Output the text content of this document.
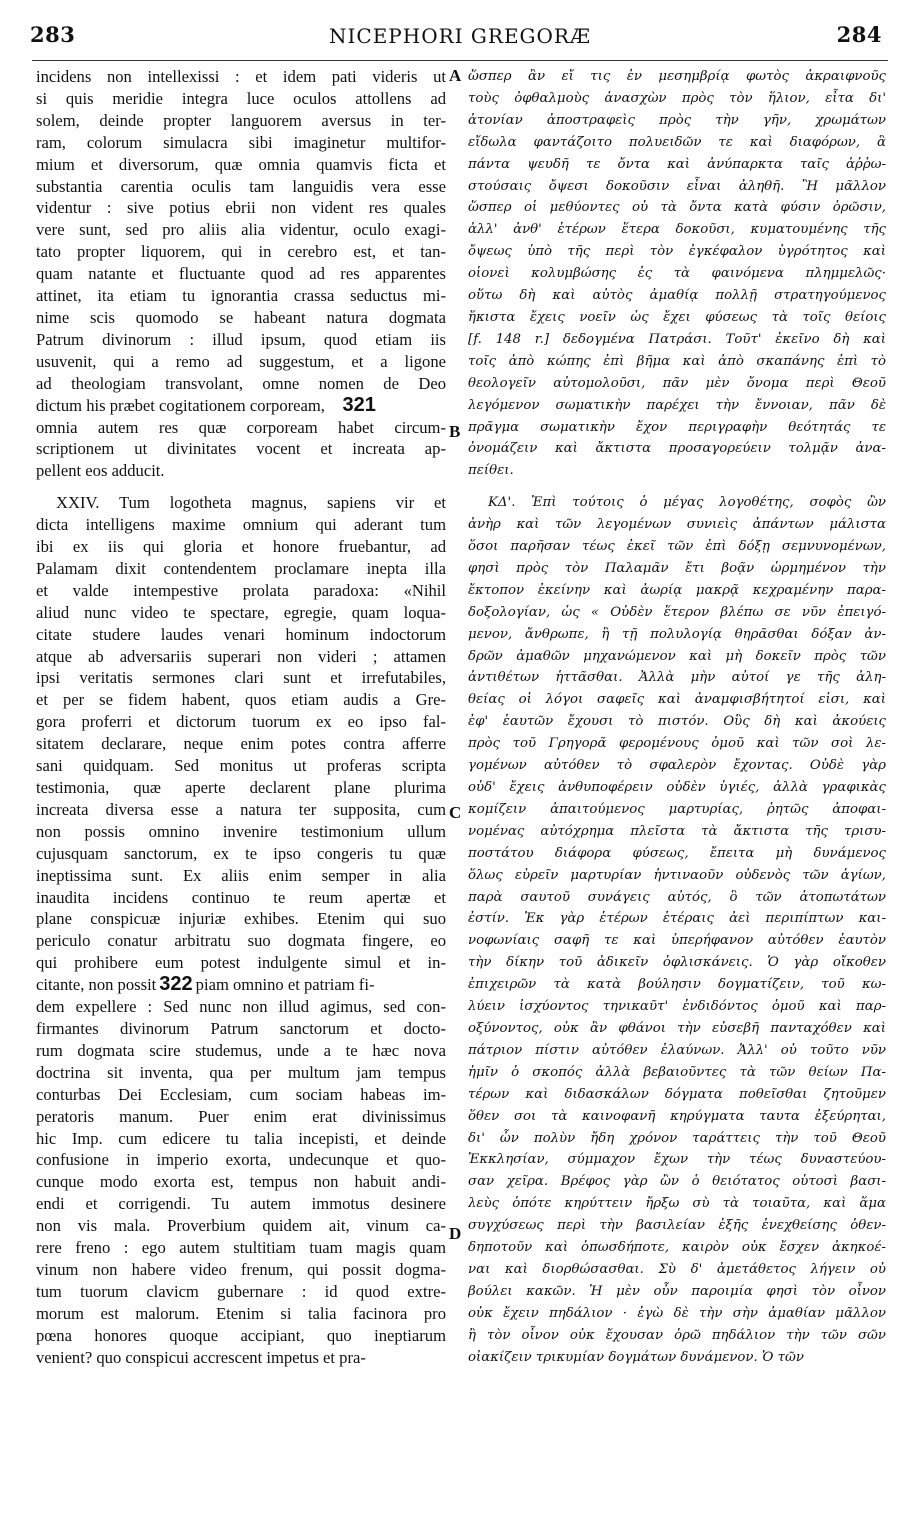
283	NICEPHORI GREGORÆ	284
incidens non intellexissi : et idem pati videris ut
si quis meridie integra luce oculos attollens ad
solem, deinde propter languorem aversus in ter-
ram, colorum simulacra sibi imaginetur multifor-
mium et diversorum, quæ omnia quamvis ficta et
substantia carentia oculis tam languidis vera esse
videntur : sive potius ebrii non vident res quales
vere sunt, sed pro aliis alia videntur, oculo exagi-
tato propter liquorem, qui in cerebro est, et tan-
quam natante et fluctuante quod ad res apparentes
attinet, ita etiam tu ignorantia crassa seductus mi-
nime scis quomodo se habeant natura dogmata
Patrum divinorum : illud ipsum, quod etiam iis
usuvenit, qui a remo ad suggestum, et a ligone
ad theologiam transvolant, omne nomen de Deo
dictum his præbet cogitationem corpoream, 321
omnia autem res quæ corpoream habet circum-
scriptionem ut divinitates vocent et increata ap-
pellent eos adducit.
XXIV. Tum logotheta magnus, sapiens vir et
dicta intelligens maxime omnium qui aderant tum
ibi ex iis qui gloria et honore fruebantur, ad
Palamam dixit contendentem proclamare inepta illa
et valde intempestive prolata paradoxa: «Nihil
aliud nunc video te spectare, egregie, quam loqua-
citate studere laudes venari hominum indoctorum
atque ab adversariis superari non videri ; attamen
ipsi veritatis sermones clari sunt et irrefutabiles,
et per se fidem habent, quos etiam audis a Gre-
gora proferri et dictorum tuorum ex eo ipso fal-
sitatem declarare, neque enim potes contra afferre
sani quidquam. Sed monitus ut proferas scripta
testimonia, quæ aperte declarent plane plurima
increata diversa esse a natura ter supposita, cum
non possis omnino invenire testimonium ullum
cujusquam sanctorum, ex te ipso congeris tu quæ
ineptissima sunt. Ex aliis enim semper in alia
inaudita incidens continuo te reum apertæ et
plane conspicuæ injuriæ exhibes. Etenim qui suo
periculo conatur arbitratu suo dogmata fingere, eo
qui prohibere eum potest indulgente simul et in-
citante, non possit 322 piam omnino et patriam fi-
dem expellere : Sed nunc non illud agimus, sed con-
firmantes divinorum Patrum sanctorum et docto-
rum dogmata scire studemus, unde a te hæc nova
doctrina sit inventa, qua per multum jam tempus
conturbas Dei Ecclesiam, cum sociam habeas im-
peratoris manum. Puer enim erat divinissimus
hic Imp. cum edicere tu talia incepisti, et deinde
confusione in imperio exorta, undecunque et quo-
cunque modo exorta est, tempus non habuit andi-
endi et corrigendi. Tu autem immotus desinere
non vis mala. Proverbium quidem ait, vinum ca-
rere freno : ego autem stultitiam tuam magis quam
vinum non habere video frenum, qui possit dogma-
tum tuorum clavicm gubernare : id quod extre-
morum est malorum. Etenim si talia facinora pro
pœna honores quoque accipiant, quo ineptiarum
venient? quo conspicui accrescent impetus et pra-
ὥσπερ ἂν εἴ τις ἐν μεσημβρίᾳ φωτὸς ἀκραιφνοῦς
τοὺς ὀφθαλμοὺς ἀνασχὼν πρὸς τὸν ἥλιον, εἶτα δι'
ἀτονίαν ἀποστραφεὶς πρὸς τὴν γῆν, χρωμάτων
εἴδωλα φαντάζοιτο πολυειδῶν τε καὶ διαφόρων, ἃ
πάντα ψευδῆ τε ὄντα καὶ ἀνύπαρκτα ταῖς ἀῤῥω-
στούσαις ὄψεσι δοκοῦσιν εἶναι ἀληθῆ. Ἢ μᾶλλον
ὥσπερ οἱ μεθύοντες οὐ τὰ ὄντα κατὰ φύσιν ὁρῶσιν,
ἀλλ' ἀνθ' ἑτέρων ἕτερα δοκοῦσι, κυματουμένης τῆς
ὄψεως ὑπὸ τῆς περὶ τὸν ἐγκέφαλον ὑγρότητος καὶ
οἱονεὶ κολυμβώσης ἐς τὰ φαινόμενα πλημμελῶς·
οὕτω δὴ καὶ αὐτὸς ἀμαθίᾳ πολλῇ στρατηγούμενος
ἥκιστα ἔχεις νοεῖν ὡς ἔχει φύσεως τὰ τοῖς θείοις
[f. 148 r.] δεδογμένα Πατράσι. Τοῦτ' ἐκεῖνο δὴ καὶ
τοῖς ἀπὸ κώπης ἐπὶ βῆμα καὶ ἀπὸ σκαπάνης ἐπὶ τὸ
θεολογεῖν αὐτομολοῦσι, πᾶν μὲν ὄνομα περὶ Θεοῦ
λεγόμενον σωματικὴν παρέχει τὴν ἔννοιαν, πᾶν δὲ
πρᾶγμα σωματικὴν ἔχον περιγραφὴν θεότητάς τε
ὀνομάζειν καὶ ἄκτιστα προσαγορεύειν τολμᾷν ἀνα-
πείθει.
ΚΔ'. Ἐπὶ τούτοις ὁ μέγας λογοθέτης, σοφὸς ὢν
ἀνὴρ καὶ τῶν λεγομένων συνιεὶς ἁπάντων μάλιστα
ὅσοι παρῆσαν τέως ἐκεῖ τῶν ἐπὶ δόξῃ σεμνυνομένων,
φησὶ πρὸς τὸν Παλαμᾶν ἔτι βοᾷν ὡρμημένον τὴν
ἔκτοπον ἐκείνην καὶ ἀωρίᾳ μακρᾷ κεχραμένην παρα-
δοξολογίαν, ὡς « Οὐδὲν ἕτερον βλέπω σε νῦν ἐπειγό-
μενον, ἄνθρωπε, ἢ τῇ πολυλογίᾳ θηρᾶσθαι δόξαν ἀν-
δρῶν ἀμαθῶν μηχανώμενον καὶ μὴ δοκεῖν πρὸς τῶν
ἀντιθέτων ἡττᾶσθαι. Ἀλλὰ μὴν αὐτοί γε τῆς ἀλη-
θείας οἱ λόγοι σαφεῖς καὶ ἀναμφισβήτητοί εἰσι, καὶ
ἐφ' ἑαυτῶν ἔχουσι τὸ πιστόν. Οὓς δὴ καὶ ἀκούεις
πρὸς τοῦ Γρηγορᾶ φερομένους ὁμοῦ καὶ τῶν σοὶ λε-
γομένων αὐτόθεν τὸ σφαλερὸν ἔχοντας. Οὐδὲ γὰρ
οὐδ' ἔχεις ἀνθυποφέρειν οὐδὲν ὑγιές, ἀλλὰ γραφικὰς
κομίζειν ἀπαιτούμενος μαρτυρίας, ῥητῶς ἀποφαι-
νομένας αὐτόχρημα πλεῖστα τὰ ἄκτιστα τῆς τρισυ-
ποστάτου διάφορα φύσεως, ἔπειτα μὴ δυνάμενος
ὅλως εὑρεῖν μαρτυρίαν ἡντιναοῦν οὐδενὸς τῶν ἁγίων,
παρὰ σαυτοῦ συνάγεις αὐτός, ὃ τῶν ἀτοπωτάτων
ἐστίν. Ἐκ γὰρ ἑτέρων ἑτέραις ἀεὶ περιπίπτων και-
νοφωνίαις σαφῆ τε καὶ ὑπερήφανον αὐτόθεν ἑαυτὸν
τὴν δίκην τοῦ ἀδικεῖν ὀφλισκάνεις. Ὁ γὰρ οἴκοθεν
ἐπιχειρῶν τὰ κατὰ βούλησιν δογματίζειν, τοῦ κω-
λύειν ἰσχύοντος τηνικαῦτ' ἐνδιδόντος ὁμοῦ καὶ παρ-
οξύνοντος, οὐκ ἂν φθάνοι τὴν εὐσεβῆ πανταχόθεν καὶ
πάτριον πίστιν αὐτόθεν ἐλαύνων. Ἀλλ' οὐ τοῦτο νῦν
ἡμῖν ὁ σκοπός ἀλλὰ βεβαιοῦντες τὰ τῶν θείων Πα-
τέρων καὶ διδασκάλων δόγματα ποθεῖσθαι ζητοῦμεν
ὅθεν σοι τὰ καινοφανῆ κηρύγματα ταυτα ἐξεύρηται,
δι' ὧν πολὺν ἤδη χρόνον ταράττεις τὴν τοῦ Θεοῦ
Ἐκκλησίαν, σύμμαχον ἔχων τὴν τέως δυναστεύου-
σαν χεῖρα. Βρέφος γὰρ ὢν ὁ θειότατος οὑτοσὶ βασι-
λεὺς ὁπότε κηρύττειν ἤρξω σὺ τὰ τοιαῦτα, καὶ ἅμα
συγχύσεως περὶ τὴν βασιλείαν ἐξῆς ἐνεχθείσης ὁθεν-
δηποτοῦν καὶ ὁπωσδήποτε, καιρὸν οὐκ ἔσχεν ἀκηκοέ-
ναι καὶ διορθώσασθαι. Σὺ δ' ἀμετάθετος λήγειν οὐ
βούλει κακῶν. Ἡ μὲν οὖν παροιμία φησὶ τὸν οἶνον
οὐκ ἔχειν πηδάλιον · ἐγὼ δὲ τὴν σὴν ἀμαθίαν μᾶλλον
ἢ τὸν οἶνον οὐκ ἔχουσαν ὁρῶ πηδάλιον τὴν τῶν σῶν
οἰακίζειν τρικυμίαν δογμάτων δυνάμενον. Ὁ τῶν
A
B
C
D
